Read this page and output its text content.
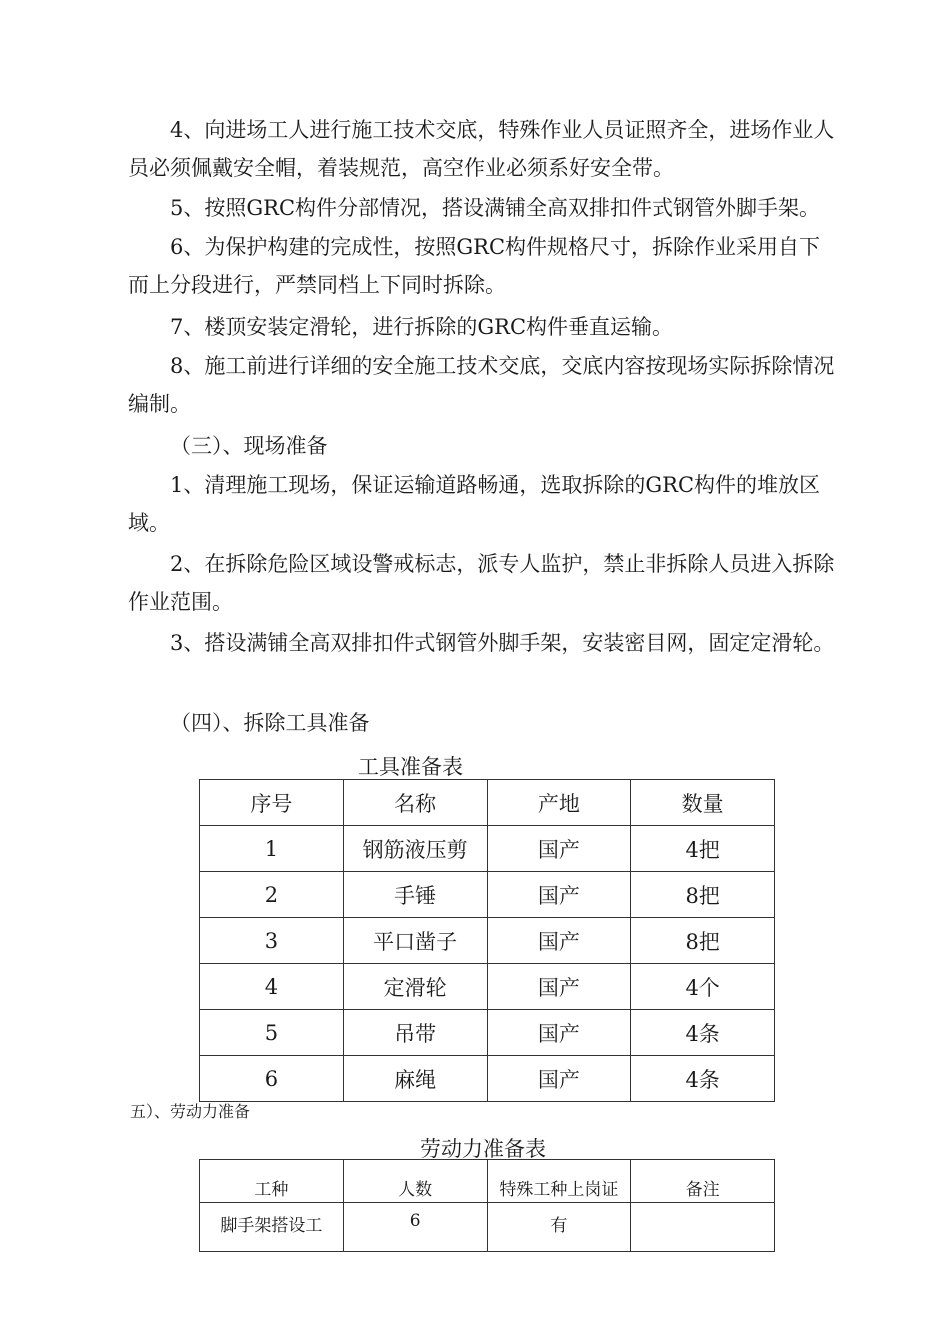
4、向进场工人进行施工技术交底，特殊作业人员证照齐全，进场作业人员必须佩戴安全帽，着装规范，高空作业必须系好安全带。

5、按照GRC构件分部情况，搭设满铺全高双排扣件式钢管外脚手架。

6、为保护构建的完成性，按照GRC构件规格尺寸，拆除作业采用自下而上分段进行，严禁同档上下同时拆除。

7、楼顶安装定滑轮，进行拆除的GRC构件垂直运输。

8、施工前进行详细的安全施工技术交底，交底内容按现场实际拆除情况编制。

（三）、现场准备

1、清理施工现场，保证运输道路畅通，选取拆除的GRC构件的堆放区域。

2、在拆除危险区域设警戒标志，派专人监护，禁止非拆除人员进入拆除作业范围。

3、搭设满铺全高双排扣件式钢管外脚手架，安装密目网，固定定滑轮。

（四）、拆除工具准备
工具准备表
序号	名称	产地	数量
1	钢筋液压剪	国产	4把
2	手锤	国产	8把
3	平口凿子	国产	8把
4	定滑轮	国产	4个
5	吊带	国产	4条
6	麻绳	国产	4条
五）、劳动力准备
劳动力准备表
工种	人数	特殊工种上岗证	备注
脚手架搭设工	6	有	
